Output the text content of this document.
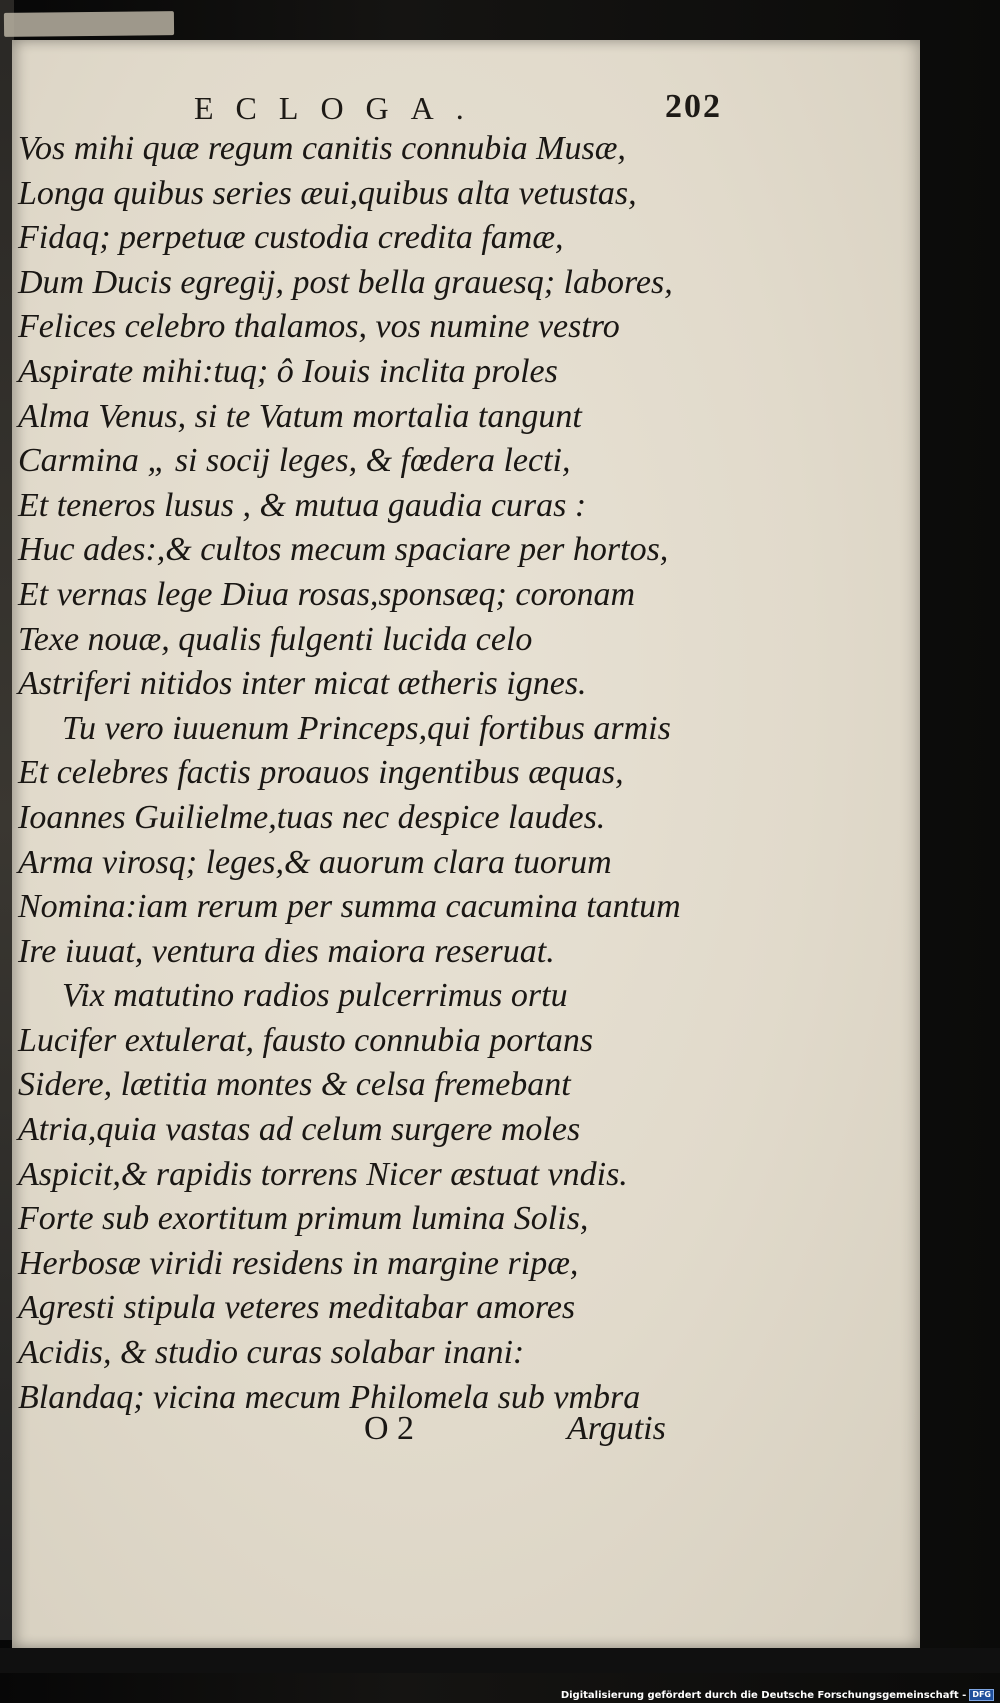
ECLOGA.	202
Vos mihi quæ regum canitis connubia Musæ,
Longa quibus series æui,quibus alta vetustas,
Fidaq; perpetuæ custodia credita famæ,
Dum Ducis egregij, post bella grauesq; labores,
Felices celebro thalamos, vos numine vestro
Aspirate mihi:tuq; ô Iouis inclita proles
Alma Venus, si te Vatum mortalia tangunt
Carmina „ si socij leges, & fœdera lecti,
Et teneros lusus , & mutua gaudia curas :
Huc ades:,& cultos mecum spaciare per hortos,
Et vernas lege Diua rosas,sponsæq; coronam
Texe nouæ, qualis fulgenti lucida celo
Astriferi nitidos inter micat ætheris ignes.
Tu vero iuuenum Princeps,qui fortibus armis
Et celebres factis proauos ingentibus æquas,
Ioannes Guilielme,tuas nec despice laudes.
Arma virosq; leges,& auorum clara tuorum
Nomina:iam rerum per summa cacumina tantum
Ire iuuat, ventura dies maiora reseruat.
Vix matutino radios pulcerrimus ortu
Lucifer extulerat, fausto connubia portans
Sidere, lætitia montes & celsa fremebant
Atria,quia vastas ad celum surgere moles
Aspicit,& rapidis torrens Nicer æstuat vndis.
Forte sub exortitum primum lumina Solis,
Herbosæ viridi residens in margine ripæ,
Agresti stipula veteres meditabar amores
Acidis, & studio curas solabar inani:
Blandaq; vicina mecum Philomela sub vmbra
O 2	Argutis
Digitalisierung gefördert durch die Deutsche Forschungsgemeinschaft - DFG
